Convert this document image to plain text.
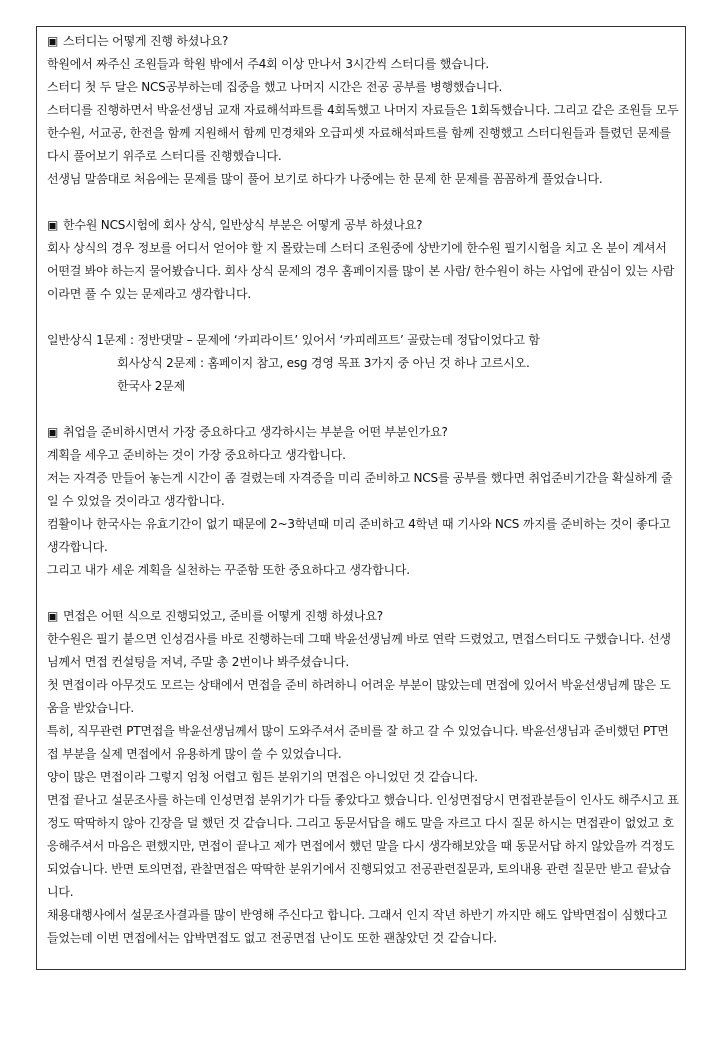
▣ 스터디는 어떻게 진행 하셨나요?

학원에서 짜주신 조원들과 학원 밖에서 주4회 이상 만나서 3시간씩 스터디를 했습니다.

스터디 첫 두 달은 NCS공부하는데 집중을 했고 나머지 시간은 전공 공부를 병행했습니다.

스터디를 진행하면서 박윤선생님 교재 자료해석파트를 4회독했고 나머지 자료들은 1회독했습니다. 그리고 같은 조원들 모두 한수원, 서교공, 한전을 함께 지원해서 함께 민경채와 오급피셋 자료해석파트를 함께 진행했고 스터디원들과 틀렸던 문제를 다시 풀어보기 위주로 스터디를 진행했습니다.

선생님 말씀대로 처음에는 문제를 많이 풀어 보기로 하다가 나중에는 한 문제 한 문제를 꼼꼼하게 풀었습니다.

▣ 한수원 NCS시험에 회사 상식, 일반상식 부분은 어떻게 공부 하셨나요?

회사 상식의 경우 정보를 어디서 얻어야 할 지 몰랐는데 스터디 조원중에 상반기에 한수원 필기시험을 치고 온 분이 계셔서 어떤걸 봐야 하는지 물어봤습니다. 회사 상식 문제의 경우 홈페이지를 많이 본 사람/ 한수원이 하는 사업에 관심이 있는 사람이라면 풀 수 있는 문제라고 생각합니다.

일반상식 1문제 : 정반댓말 – 문제에 ‘카피라이트’ 있어서 ‘카피레프트’ 골랐는데 정답이었다고 함

회사상식 2문제 : 홈페이지 참고, esg 경영 목표 3가지 중 아닌 것 하나 고르시오.

한국사 2문제

▣ 취업을 준비하시면서 가장 중요하다고 생각하시는 부분을 어떤 부분인가요?

계획을 세우고 준비하는 것이 가장 중요하다고 생각합니다.

저는 자격증 만들어 놓는게 시간이 좀 걸렸는데 자격증을 미리 준비하고 NCS를 공부를 했다면 취업준비기간을 확실하게 줄일 수 있었을 것이라고 생각합니다.

컴활이나 한국사는 유효기간이 없기 때문에 2~3학년때 미리 준비하고 4학년 때 기사와 NCS 까지를 준비하는 것이 좋다고 생각합니다.

그리고 내가 세운 계획을 실천하는 꾸준함 또한 중요하다고 생각합니다.

▣ 면접은 어떤 식으로 진행되었고, 준비를 어떻게 진행 하셨나요?

한수원은 필기 붙으면 인성검사를 바로 진행하는데 그때 박윤선생님께 바로 연락 드렸었고, 면접스터디도 구했습니다. 선생님께서 면접 컨설팅을 저녁, 주말 총 2번이나 봐주셨습니다.

첫 면접이라 아무것도 모르는 상태에서 면접을 준비 하려하니 어려운 부분이 많았는데 면접에 있어서 박윤선생님께 많은 도움을 받았습니다.

특히, 직무관련 PT면접을 박윤선생님께서 많이 도와주셔서 준비를 잘 하고 갈 수 있었습니다. 박윤선생님과 준비했던 PT면접 부분을 실제 면접에서 유용하게 많이 쓸 수 있었습니다.

양이 많은 면접이라 그렇지 엄청 어렵고 힘든 분위기의 면접은 아니었던 것 같습니다.

면접 끝나고 설문조사를 하는데 인성면접 분위기가 다들 좋았다고 했습니다. 인성면접당시 면접관분들이 인사도 해주시고 표정도 딱딱하지 않아 긴장을 덜 했던 것 같습니다. 그리고 동문서답을 해도 말을 자르고 다시 질문 하시는 면접관이 없었고 호응해주셔서 마음은 편했지만, 면접이 끝나고 제가 면접에서 했던 말을 다시 생각해보았을 때 동문서답 하지 않았을까 걱정도 되었습니다. 반면 토의면접, 관찰면접은 딱딱한 분위기에서 진행되었고 전공관련질문과, 토의내용 관련 질문만 받고 끝났습니다.

채용대행사에서 설문조사결과를 많이 반영해 주신다고 합니다. 그래서 인지 작년 하반기 까지만 해도 압박면접이 심했다고 들었는데 이번 면접에서는 압박면접도 없고 전공면접 난이도 또한 괜찮았던 것 같습니다.
